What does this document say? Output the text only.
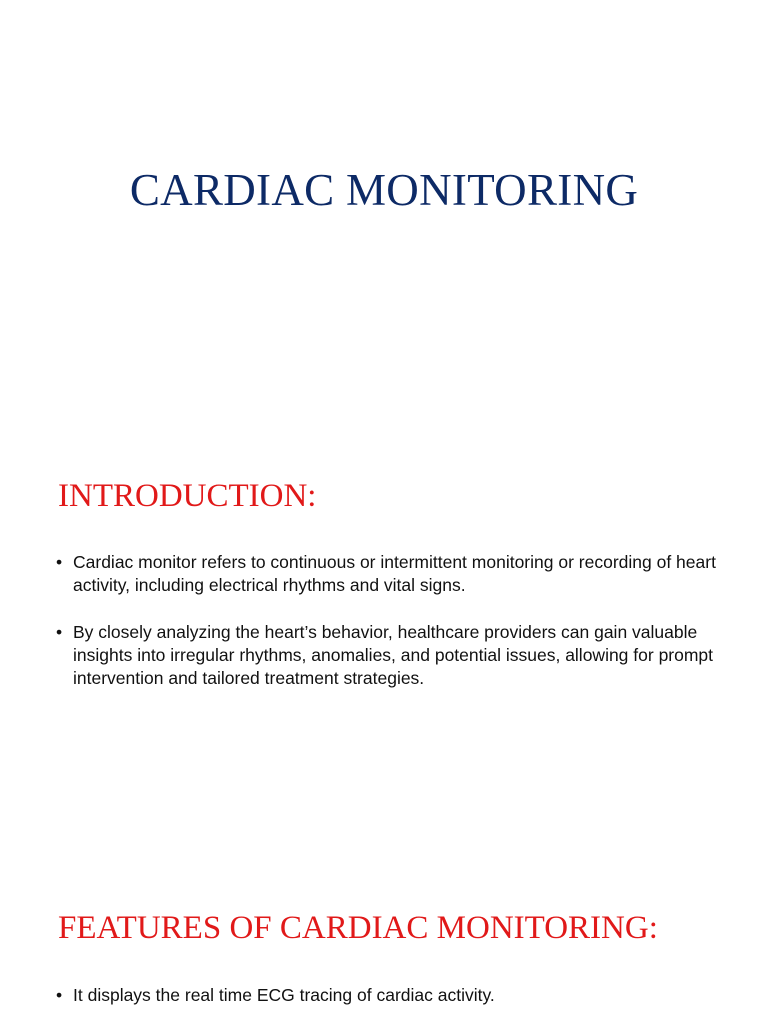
CARDIAC MONITORING
INTRODUCTION:
• Cardiac monitor refers to continuous or intermittent monitoring or recording of heart activity, including electrical rhythms and vital signs.
• By closely analyzing the heart’s behavior, healthcare providers can gain valuable insights into irregular rhythms, anomalies, and potential issues, allowing for prompt intervention and tailored treatment strategies.
FEATURES OF CARDIAC MONITORING:
• It displays the real time ECG tracing of cardiac activity.
